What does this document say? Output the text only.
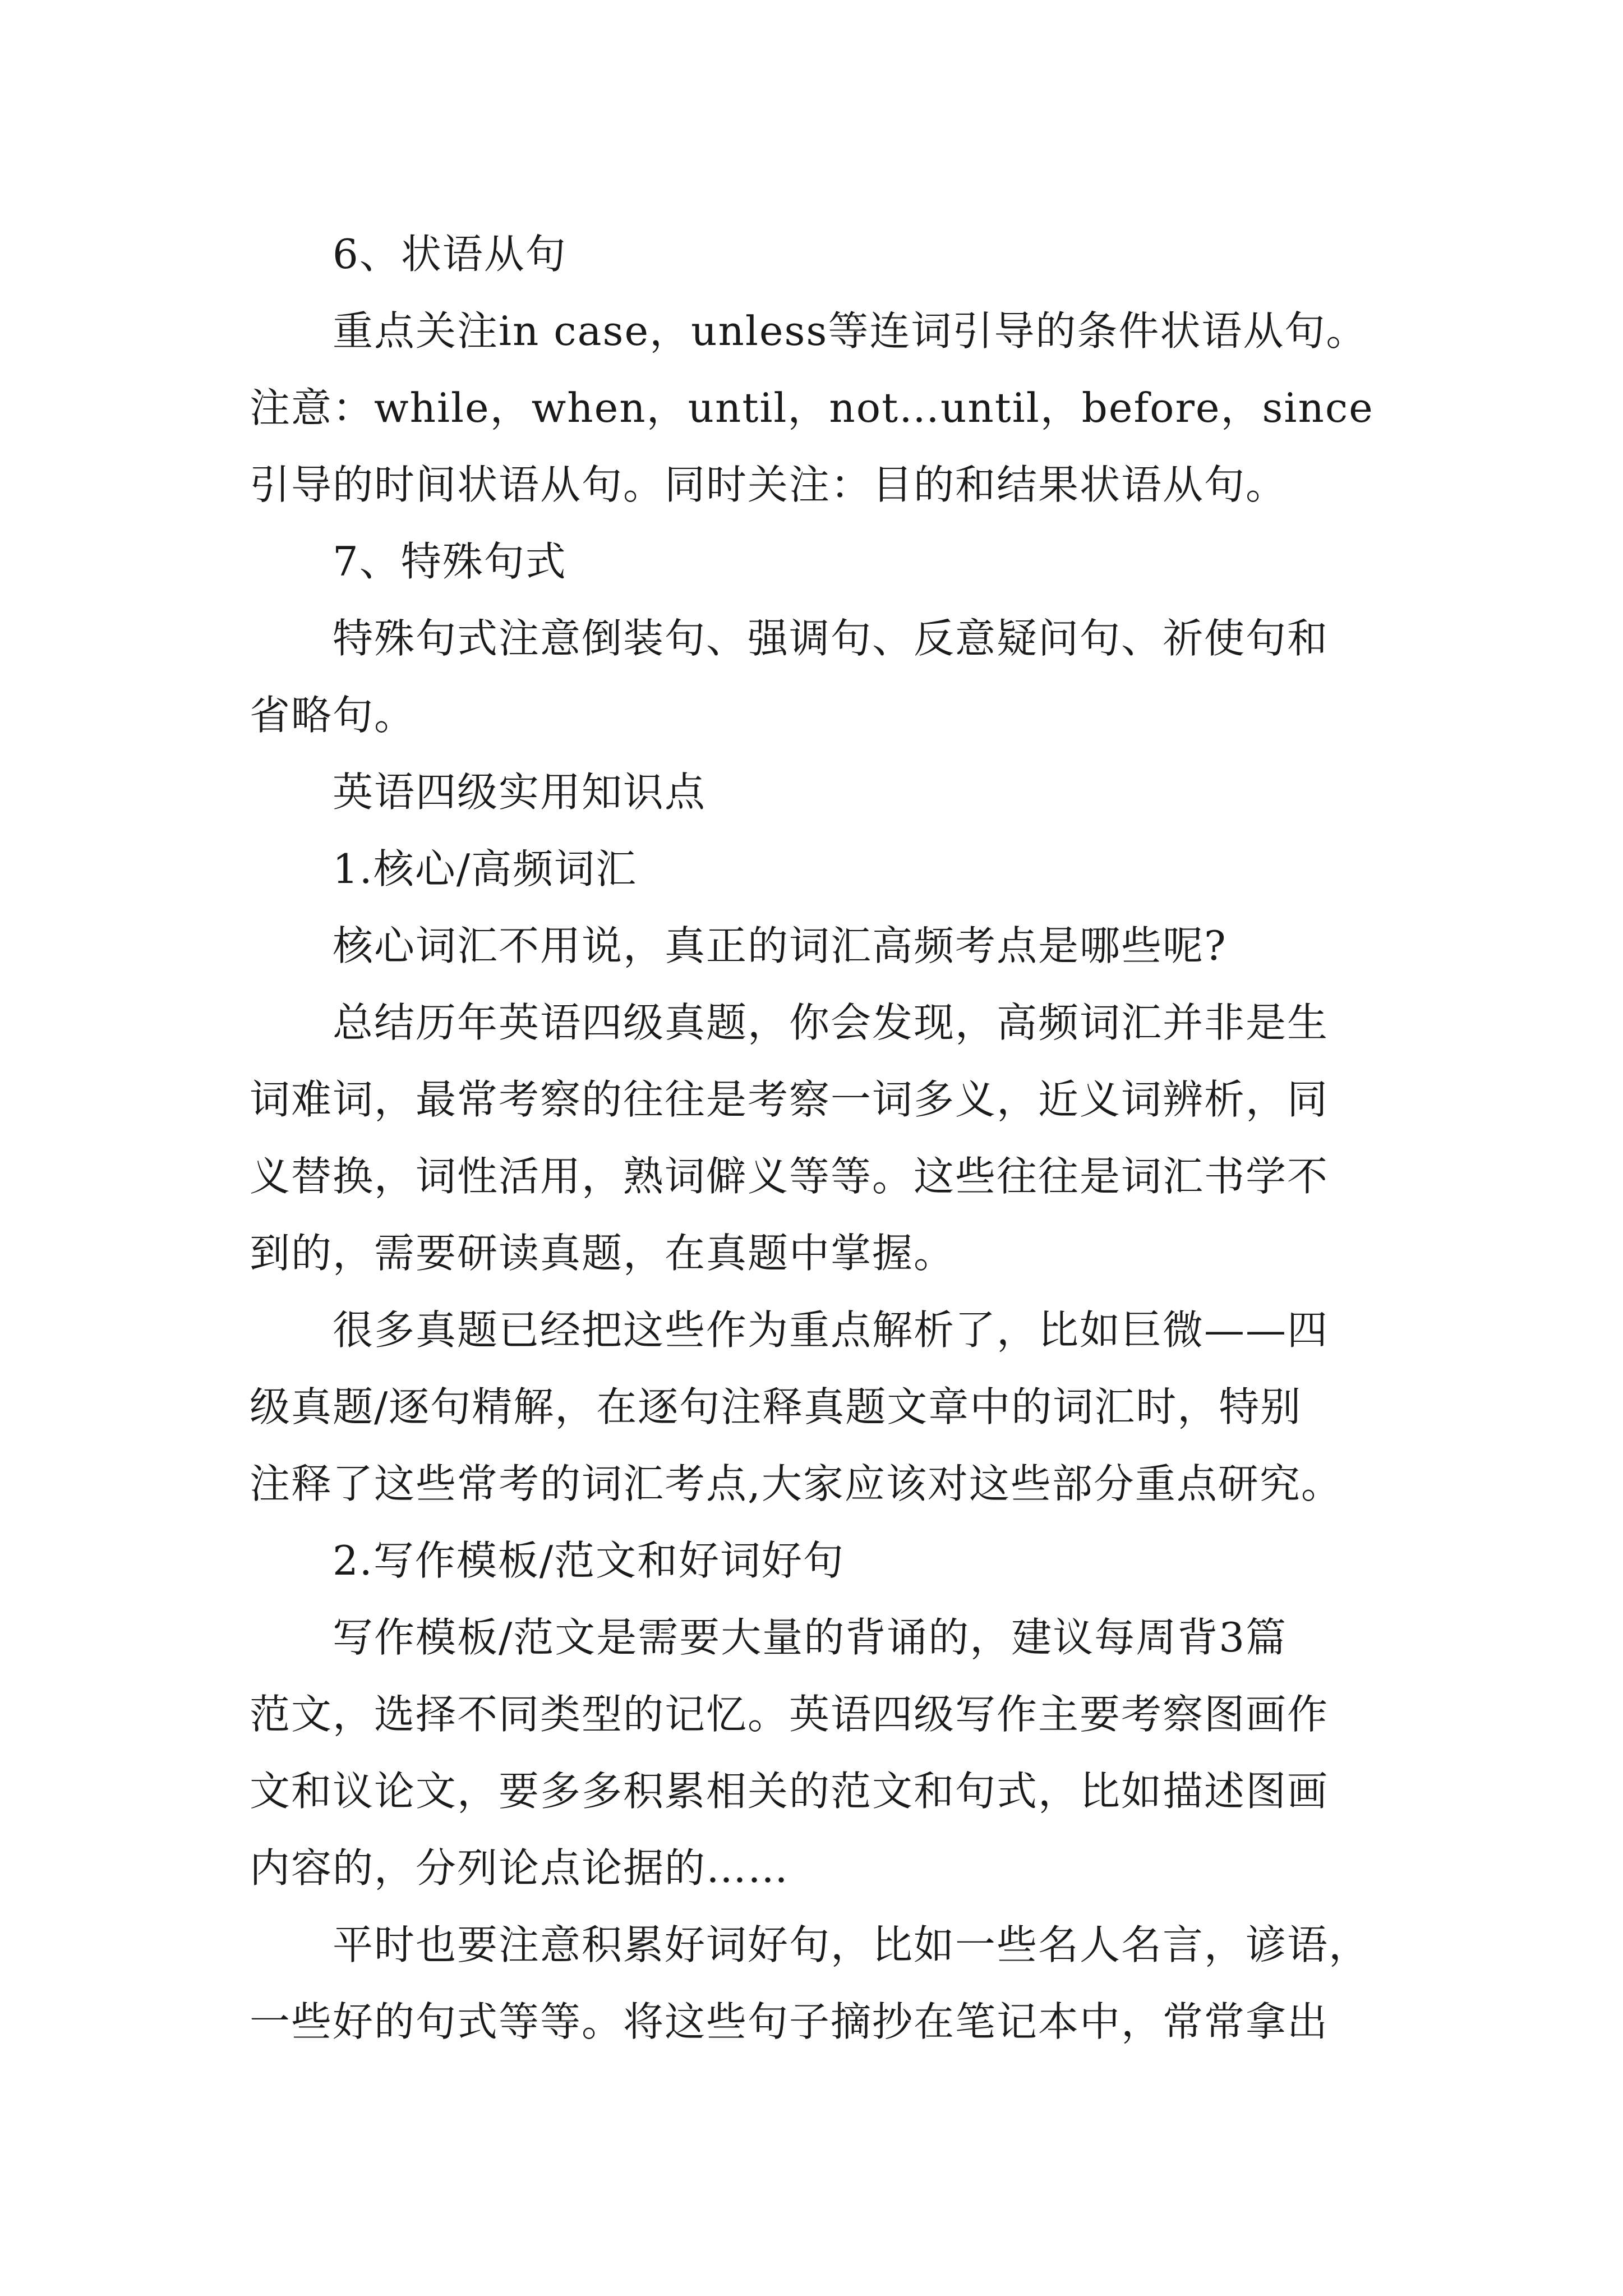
6、状语从句
重点关注in case，unless等连词引导的条件状语从句。
注意：while，when，until，not…until，before，since
引导的时间状语从句。同时关注：目的和结果状语从句。
7、特殊句式
特殊句式注意倒装句、强调句、反意疑问句、祈使句和
省略句。
英语四级实用知识点
1.核心/高频词汇
核心词汇不用说，真正的词汇高频考点是哪些呢?
总结历年英语四级真题，你会发现，高频词汇并非是生
词难词，最常考察的往往是考察一词多义，近义词辨析，同
义替换，词性活用，熟词僻义等等。这些往往是词汇书学不
到的，需要研读真题，在真题中掌握。
很多真题已经把这些作为重点解析了，比如巨微——四
级真题/逐句精解，在逐句注释真题文章中的词汇时，特别
注释了这些常考的词汇考点,大家应该对这些部分重点研究。
2.写作模板/范文和好词好句
写作模板/范文是需要大量的背诵的，建议每周背3篇
范文，选择不同类型的记忆。英语四级写作主要考察图画作
文和议论文，要多多积累相关的范文和句式，比如描述图画
内容的，分列论点论据的……
平时也要注意积累好词好句，比如一些名人名言，谚语，
一些好的句式等等。将这些句子摘抄在笔记本中，常常拿出
